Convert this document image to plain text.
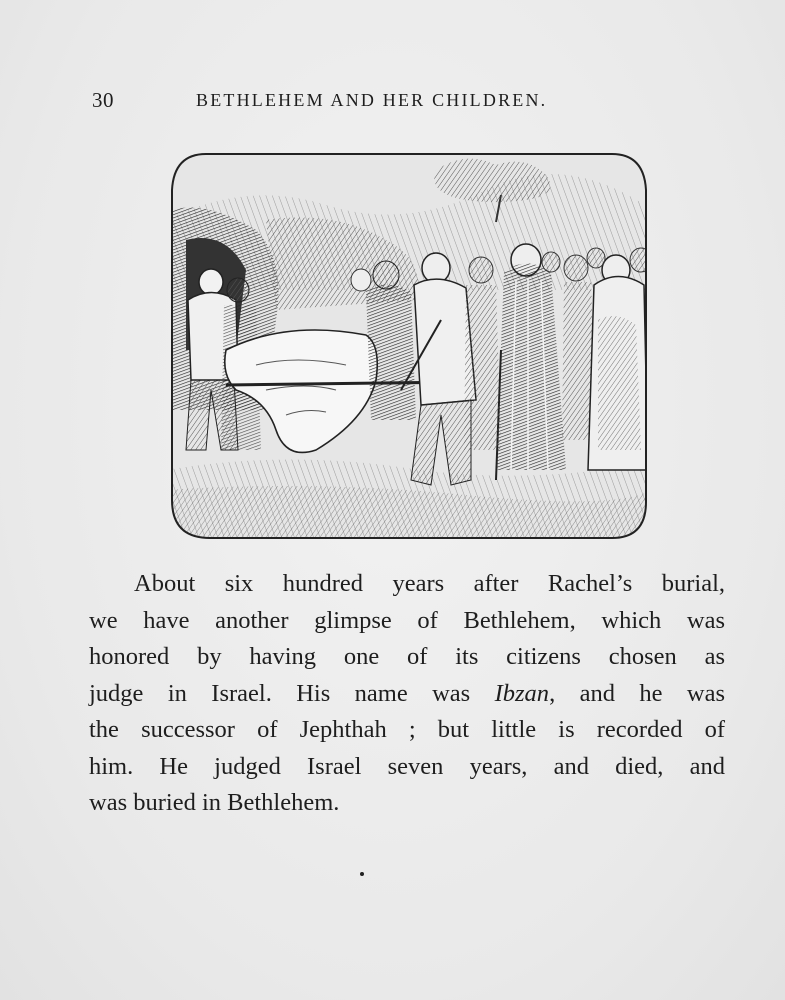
30	BETHLEHEM AND HER CHILDREN.
About six hundred years after Rachel’s burial,
we have another glimpse of Bethlehem, which was
honored by having one of its citizens chosen as
judge in Israel. His name was Ibzan, and he was
the successor of Jephthah ; but little is recorded of
him. He judged Israel seven years, and died, and
was buried in Bethlehem.
